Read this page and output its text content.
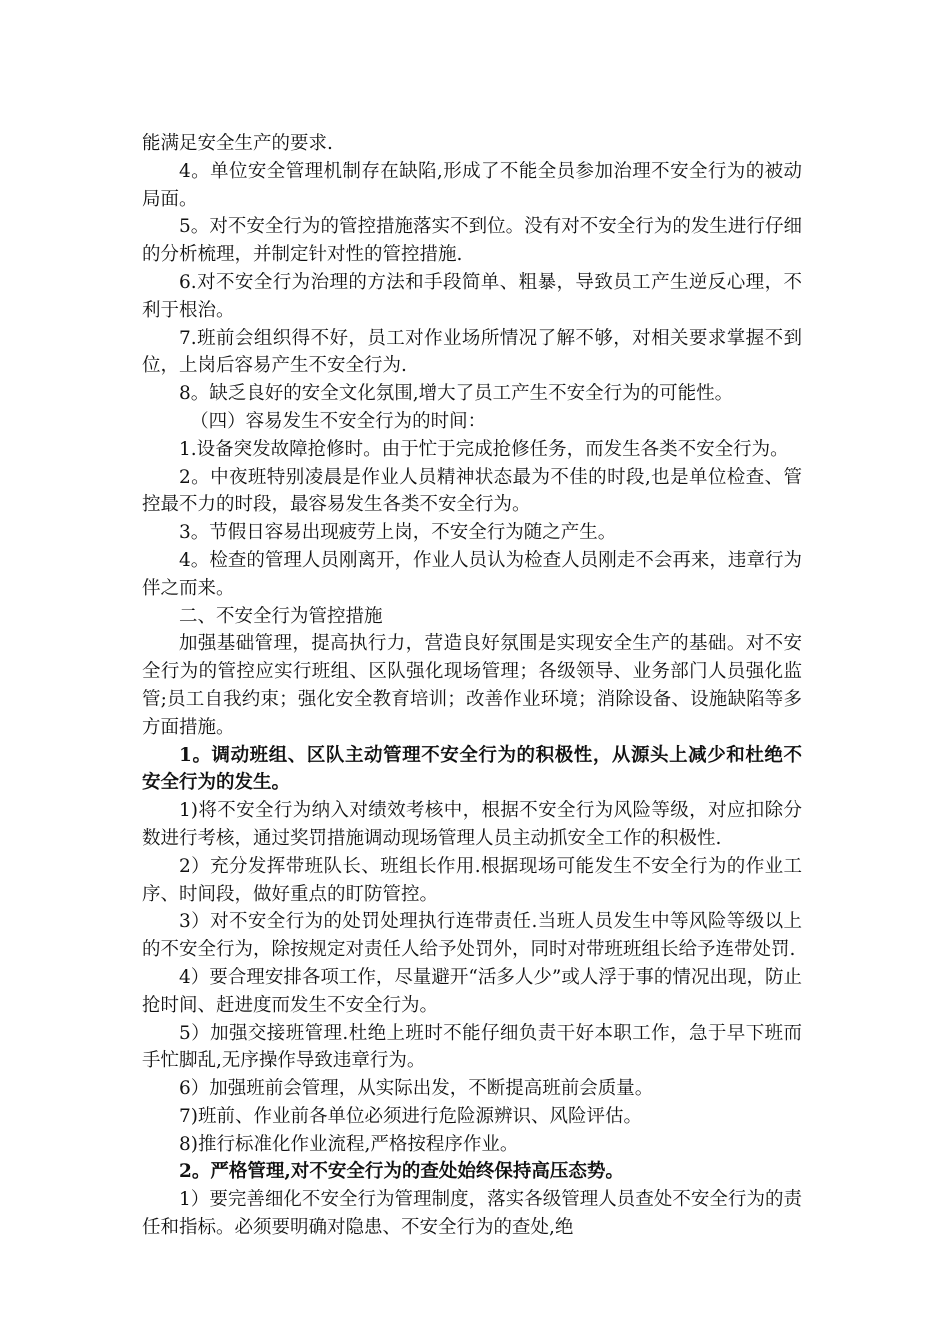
能满足安全生产的要求.

4。单位安全管理机制存在缺陷,形成了不能全员参加治理不安全行为的被动局面。

5。对不安全行为的管控措施落实不到位。没有对不安全行为的发生进行仔细的分析梳理，并制定针对性的管控措施.

6.对不安全行为治理的方法和手段简单、粗暴，导致员工产生逆反心理，不利于根治。

7.班前会组织得不好，员工对作业场所情况了解不够，对相关要求掌握不到位，上岗后容易产生不安全行为.

8。缺乏良好的安全文化氛围,增大了员工产生不安全行为的可能性。

（四）容易发生不安全行为的时间：

1.设备突发故障抢修时。由于忙于完成抢修任务，而发生各类不安全行为。

2。中夜班特别凌晨是作业人员精神状态最为不佳的时段,也是单位检查、管控最不力的时段，最容易发生各类不安全行为。

3。节假日容易出现疲劳上岗，不安全行为随之产生。

4。检查的管理人员刚离开，作业人员认为检查人员刚走不会再来，违章行为伴之而来。

二、不安全行为管控措施

加强基础管理，提高执行力，营造良好氛围是实现安全生产的基础。对不安全行为的管控应实行班组、区队强化现场管理；各级领导、业务部门人员强化监管;员工自我约束；强化安全教育培训；改善作业环境；消除设备、设施缺陷等多方面措施。

1。调动班组、区队主动管理不安全行为的积极性，从源头上减少和杜绝不安全行为的发生。

1)将不安全行为纳入对绩效考核中，根据不安全行为风险等级，对应扣除分数进行考核，通过奖罚措施调动现场管理人员主动抓安全工作的积极性.

2）充分发挥带班队长、班组长作用.根据现场可能发生不安全行为的作业工序、时间段，做好重点的盯防管控。

3）对不安全行为的处罚处理执行连带责任.当班人员发生中等风险等级以上的不安全行为，除按规定对责任人给予处罚外，同时对带班班组长给予连带处罚.

4）要合理安排各项工作，尽量避开“活多人少”或人浮于事的情况出现，防止抢时间、赶进度而发生不安全行为。

5）加强交接班管理.杜绝上班时不能仔细负责干好本职工作，急于早下班而手忙脚乱,无序操作导致违章行为。

6）加强班前会管理，从实际出发，不断提高班前会质量。

7)班前、作业前各单位必须进行危险源辨识、风险评估。

8)推行标准化作业流程,严格按程序作业。

2。严格管理,对不安全行为的查处始终保持高压态势。

1）要完善细化不安全行为管理制度，落实各级管理人员查处不安全行为的责任和指标。必须要明确对隐患、不安全行为的查处,绝
